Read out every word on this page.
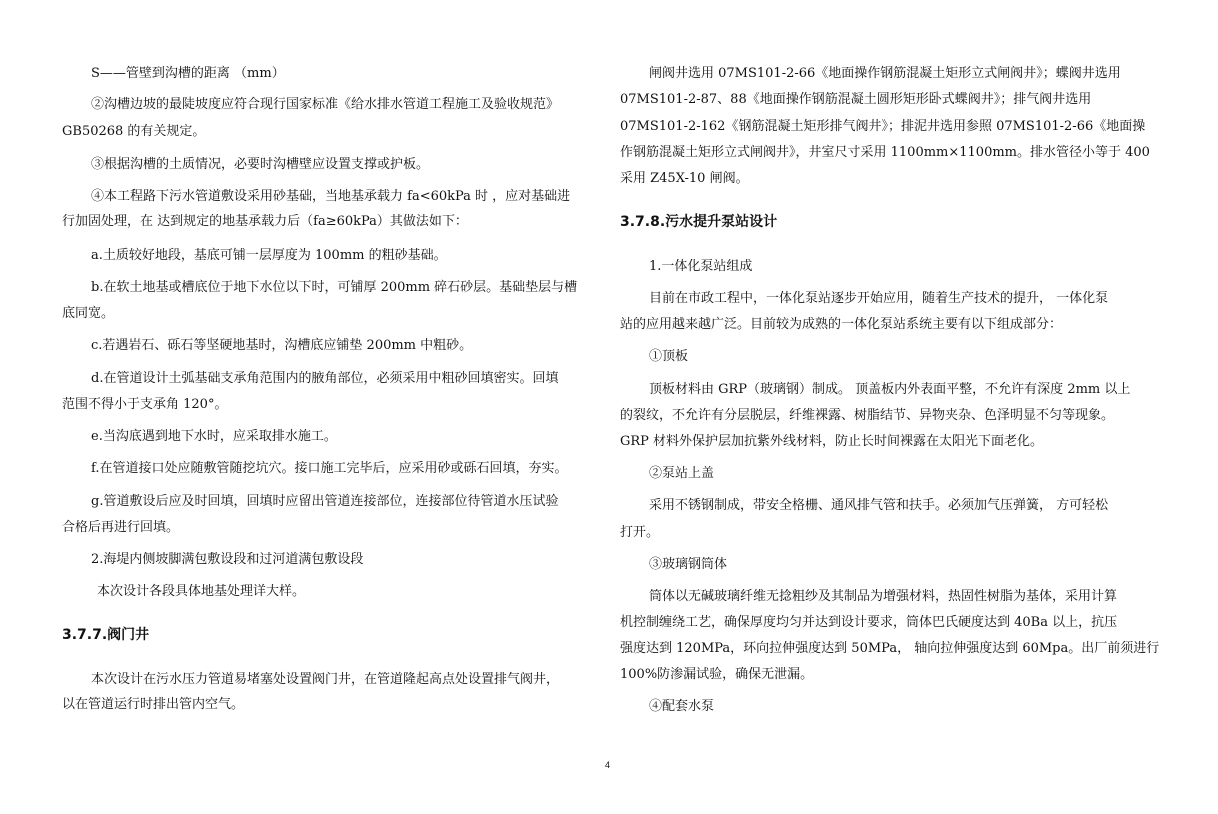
S——管壁到沟槽的距离 （mm）
②沟槽边坡的最陡坡度应符合现行国家标准《给水排水管道工程施工及验收规范》
GB50268 的有关规定。
③根据沟槽的土质情况，必要时沟槽壁应设置支撑或护板。
④本工程路下污水管道敷设采用砂基础，当地基承载力 fa<60kPa 时 ，应对基础进
行加固处理，在 达到规定的地基承载力后（fa≥60kPa）其做法如下：
a.土质较好地段，基底可铺一层厚度为 100mm 的粗砂基础。
b.在软土地基或槽底位于地下水位以下时，可铺厚 200mm 碎石砂层。基础垫层与槽
底同宽。
c.若遇岩石、砾石等坚硬地基时，沟槽底应铺垫 200mm 中粗砂。
d.在管道设计土弧基础支承角范围内的腋角部位，必须采用中粗砂回填密实。回填
范围不得小于支承角 120°。
e.当沟底遇到地下水时，应采取排水施工。
f.在管道接口处应随敷管随挖坑穴。接口施工完毕后，应采用砂或砾石回填，夯实。
g.管道敷设后应及时回填，回填时应留出管道连接部位，连接部位待管道水压试验
合格后再进行回填。
2.海堤内侧坡脚满包敷设段和过河道满包敷设段
本次设计各段具体地基处理详大样。
3.7.7.阀门井
本次设计在污水压力管道易堵塞处设置阀门井，在管道隆起高点处设置排气阀井，
以在管道运行时排出管内空气。
闸阀井选用 07MS101-2-66《地面操作钢筋混凝土矩形立式闸阀井》；蝶阀井选用
07MS101-2-87、88《地面操作钢筋混凝土圆形矩形卧式蝶阀井》；排气阀井选用
07MS101-2-162《钢筋混凝土矩形排气阀井》；排泥井选用参照 07MS101-2-66《地面操
作钢筋混凝土矩形立式闸阀井》，井室尺寸采用 1100mm×1100mm。排水管径小等于 400
采用 Z45X-10 闸阀。
3.7.8.污水提升泵站设计
1.一体化泵站组成
目前在市政工程中，一体化泵站逐步开始应用，随着生产技术的提升， 一体化泵
站的应用越来越广泛。目前较为成熟的一体化泵站系统主要有以下组成部分：
①顶板
顶板材料由 GRP（玻璃钢）制成。 顶盖板内外表面平整，不允许有深度 2mm 以上
的裂纹，不允许有分层脱层，纤维裸露、树脂结节、异物夹杂、色泽明显不匀等现象。
GRP 材料外保护层加抗紫外线材料，防止长时间裸露在太阳光下面老化。
②泵站上盖
采用不锈钢制成，带安全格栅、通风排气管和扶手。必须加气压弹簧， 方可轻松
打开。
③玻璃钢筒体
筒体以无碱玻璃纤维无捻粗纱及其制品为增强材料，热固性树脂为基体，采用计算
机控制缠绕工艺，确保厚度均匀并达到设计要求，筒体巴氏硬度达到 40Ba 以上，抗压
强度达到 120MPa，环向拉伸强度达到 50MPa， 轴向拉伸强度达到 60Mpa。出厂前须进行
100%防渗漏试验，确保无泄漏。
④配套水泵
4
